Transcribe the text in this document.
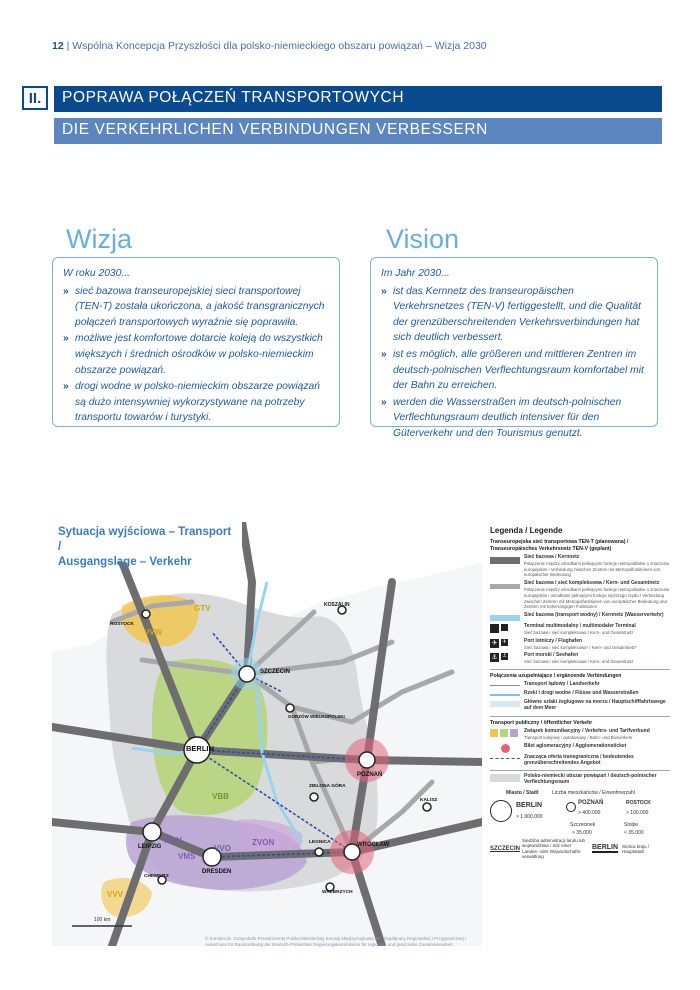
12 | Wspólna Koncepcja Przyszłości dla polsko-niemieckiego obszaru powiązań – Wizja 2030
II.	POPRAWA POŁĄCZEŃ TRANSPORTOWYCH
DIE VERKEHRLICHEN VERBINDUNGEN VERBESSERN
Wizja	Vision
W roku 2030...
» sieć bazowa transeuropejskiej sieci transportowej (TEN-T) została ukończona, a jakość transgranicznych połączeń transportowych wyraźnie się poprawiła.
» możliwe jest komfortowe dotarcie koleją do wszystkich większych i średnich ośrodków w polsko-niemieckim obszarze powiązań.
» drogi wodne w polsko-niemieckim obszarze powiązań są dużo intensywniej wykorzystywane na potrzeby transportu towarów i turystyki.
Im Jahr 2030...
» ist das Kernnetz des transeuropäischen Verkehrsnetzes (TEN-V) fertiggestellt, und die Qualität der grenzüberschreitenden Verkehrsverbindungen hat sich deutlich verbessert.
» ist es möglich, alle größeren und mittleren Zentren im deutsch-polnischen Verflechtungsraum komfortabel mit der Bahn zu erreichen.
» werden die Wasserstraßen im deutsch-polnischen Verflechtungsraum deutlich intensiver für den Güterverkehr und den Tourismus genutzt.
Sytuacja wyjściowa – Transport /
Ausgangslage – Verkehr
BERLIN
SZCZECIN
POZNAŃ
WROCŁAW
DRESDEN
LEIPZIG
KOSZALIN
GORZÓW WIELKOPOLSKI
ZIELONA GÓRA
LEGNICA
WAŁBRZYCH
CHEMNITZ
KALISZ
ROSTOCK
VVW
VBB
VMS
MDV
VVO
ZVON
VVV
GTV
100 km
© Komitet ds. Gospodarki Przestrzennej Polsko-Niemieckiej Komisji Międzyrządowej ds. Współpracy Regionalnej i Przygranicznej / Ausschuss für Raumordnung der Deutsch-Polnischen Regierungskommission für regionale und grenznahe Zusammenarbeit
Legenda / Legende
Transeuropejska sieć transportowa TEN-T (planowana) / Transeuropäisches Verkehrsnetz TEN-V (geplant)
Sieć bazowa / Kernnetz
Połączenie między ośrodkami pełniącymi funkcje metropolitalne o znaczeniu europejskim / Verbindung zwischen Zentren mit Metropolfunktionen von europäischer Bedeutung
Sieć bazowa i sieć kompleksowa / Kern- und Gesamtnetz
Połączenie między ośrodkami pełniącymi funkcje metropolitalne o znaczeniu europejskim i ośrodkami pełniącymi funkcje wyższego rzędu / Verbindung zwischen Zentren mit Metropolfunktionen von europäischer Bedeutung und Zentren mit höherrangigen Funktionen
Sieć bazowa (transport wodny) / Kernnetz (Wasserverkehr)
Terminal multimodalny / multimodaler Terminal
Sieć bazowa i sieć kompleksowa / Kern- und Gesamtnetz
✈ ✈	Port lotniczy / Flughafen
Sieć bazowa i sieć kompleksowa* / Kern- und Gesamtnetz*
⚓ ⚓	Port morski / Seehafen
Sieć bazowa i sieć kompleksowa / Kern- und Gesamtnetz
Połączenia uzupełniające / ergänzende Verbindungen
Transport lądowy / Landverkehr
Rzeki i drogi wodne / Flüsse und Wasserstraßen
Główne szlaki żeglugowe na morzu / Hauptschifffahrtswege auf dem Meer
Transport publiczny / öffentlicher Verkehr
Związek komunikacyjny / Verkehrs- und Tarifverbund
Transport kolejowy i autobusowy / Bahn- und Busverkehr
Bilet aglomeracyjny / Agglomerationsticket
Znacząca oferta transgraniczna / bedeutendes grenzüberschreitendes Angebot
Polsko-niemiecki obszar powiązań / deutsch-polnischer Verflechtungsraum
Miasto / Stadt	Liczba mieszkańców / Einwohnerzahl
BERLIN
> 1.000.000
POZNAŃ
> 400.000
ROSTOCK
> 100.000
Szczecinek
> 35.000
Stolpe
< 35.000
SZCZECIN
Siedziba administracji landu lub województwa / Sitz einer Landes- oder Wojwodschafts- verwaltung
BERLIN Stolica kraju / Hauptstadt
